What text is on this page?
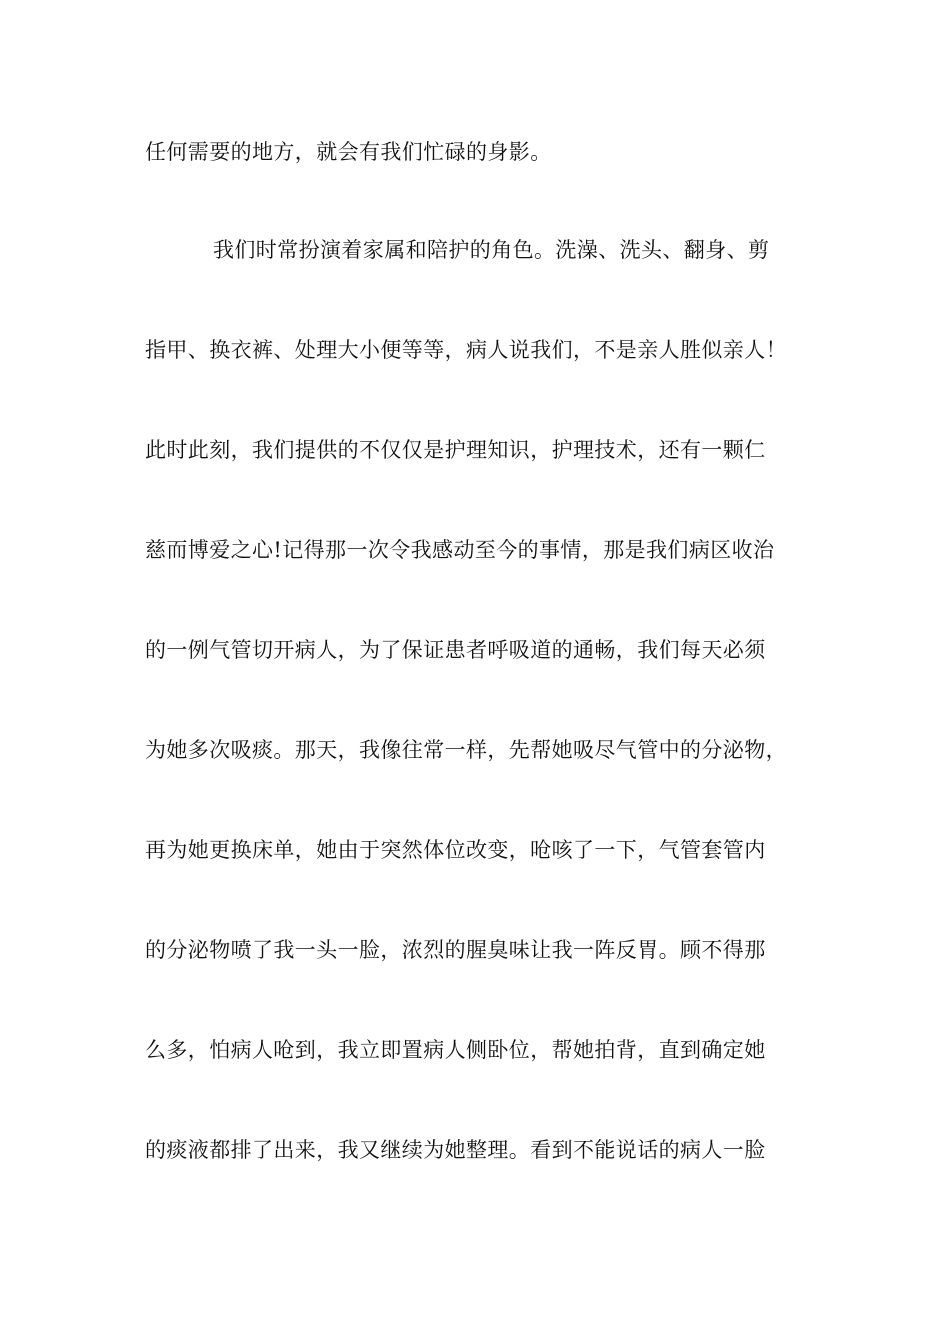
任何需要的地方，就会有我们忙碌的身影。
我们时常扮演着家属和陪护的角色。洗澡、洗头、翻身、剪
指甲、换衣裤、处理大小便等等，病人说我们，不是亲人胜似亲人！
此时此刻，我们提供的不仅仅是护理知识，护理技术，还有一颗仁
慈而博爱之心!记得那一次令我感动至今的事情，那是我们病区收治
的一例气管切开病人，为了保证患者呼吸道的通畅，我们每天必须
为她多次吸痰。那天，我像往常一样，先帮她吸尽气管中的分泌物，
再为她更换床单，她由于突然体位改变，呛咳了一下，气管套管内
的分泌物喷了我一头一脸，浓烈的腥臭味让我一阵反胃。顾不得那
么多，怕病人呛到，我立即置病人侧卧位，帮她拍背，直到确定她
的痰液都排了出来，我又继续为她整理。看到不能说话的病人一脸
